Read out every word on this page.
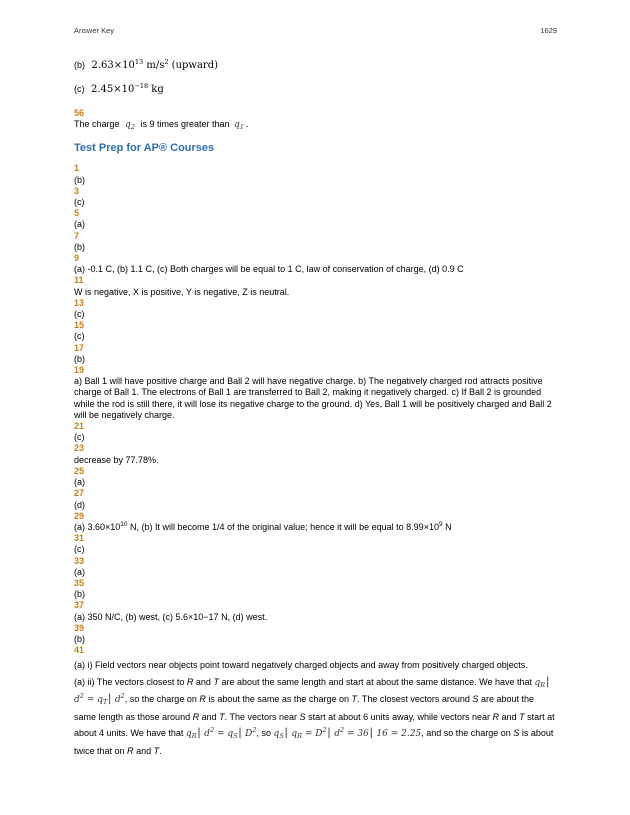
Answer Key	1629
(b) $2.63\times 10^{13}$ $m/s^2$ (upward)
(c) $2.45\times 10^{-18}$ kg
56
The charge $q_2$ is 9 times greater than $q_1$ .
Test Prep for AP® Courses
1
(b)
3
(c)
5
(a)
7
(b)
9
(a) -0.1 C, (b) 1.1 C, (c) Both charges will be equal to 1 C, law of conservation of charge, (d) 0.9 C
11
W is negative, X is positive, Y is negative, Z is neutral.
13
(c)
15
(c)
17
(b)
19
a) Ball 1 will have positive charge and Ball 2 will have negative charge. b) The negatively charged rod attracts positive charge of Ball 1. The electrons of Ball 1 are transferred to Ball 2, making it negatively charged. c) If Ball 2 is grounded while the rod is still there, it will lose its negative charge to the ground. d) Yes, Ball 1 will be positively charged and Ball 2 will be negatively charge.
21
(c)
23
decrease by 77.78%.
25
(a)
27
(d)
29
(a) $3.60\times 10^{10}$ N, (b) It will become 1/4 of the original value; hence it will be equal to $8.99\times 10^9$ N
31
(c)
33
(a)
35
(b)
37
(a) 350 N/C, (b) west, (c) 5.6×10−17 N, (d) west.
39
(b)
41
(a) i) Field vectors near objects point toward negatively charged objects and away from positively charged objects.
(a) ii) The vectors closest to R and T are about the same length and start at about the same distance. We have that $q_R⎮$ $d^2$ = $q_T⎮$ $d^2$, so the charge on R is about the same as the charge on T. The closest vectors around S are about the same length as those around R and T. The vectors near S start at about 6 units away, while vectors near R and T start at about 4 units. We have that $q_R⎮$ $d^2$ = $q_S⎮$ $D^2$, so $q_S⎮$ $q_R$ = $D^2⎮$ $d^2$ = 36⎮ 16 = 2.25, and so the charge on S is about twice that on R and T.
